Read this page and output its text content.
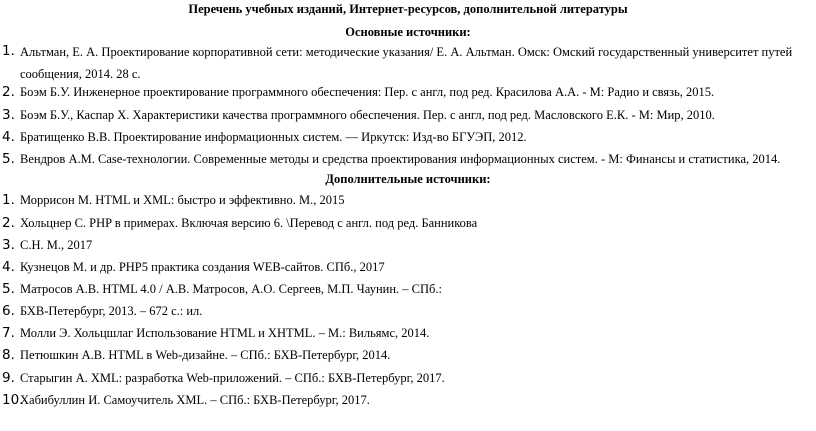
Перечень учебных изданий, Интернет-ресурсов, дополнительной литературы
Основные источники:
1. Альтман, Е. А. Проектирование корпоративной сети: методические указания/ Е. А. Альтман. Омск: Омский государственный университет путей сообщения, 2014. 28 с.
2. Боэм Б.У. Инженерное проектирование программного обеспечения: Пер. с англ, под ред. Красилова А.А. - М: Радио и связь, 2015.
3. Боэм Б.У., Каспар Х. Характеристики качества программного обеспечения. Пер. с англ, под ред. Масловского Е.К. - М: Мир, 2010.
4. Братищенко В.В. Проектирование информационных систем. — Иркутск: Изд-во БГУЭП, 2012.
5. Вендров А.М. Case-технологии. Современные методы и средства проектирования информационных систем. - М: Финансы и статистика, 2014.
Дополнительные источники:
1. Моррисон М. HTML и XML: быстро и эффективно. М., 2015
2. Хольцнер С. PHP в примерах. Включая версию 6. \Перевод с англ. под ред. Банникова
3. С.Н. М., 2017
4. Кузнецов М. и др. PHP5 практика создания WEB-сайтов. СПб., 2017
5. Матросов А.В. HTML 4.0 / А.В. Матросов, А.О. Сергеев, М.П. Чаунин. – СПб.:
6. БХВ-Петербург, 2013. – 672 с.: ил.
7. Молли Э. Хольцшлаг Использование HTML и XHTML. – М.: Вильямс, 2014.
8. Петюшкин А.В. HTML в Web-дизайне. – СПб.: БХВ-Петербург, 2014.
9. Старыгин А. XML: разработка Web-приложений. – СПб.: БХВ-Петербург, 2017.
10.
Хабибуллин И. Самоучитель XML. – СПб.: БХВ-Петербург, 2017.
